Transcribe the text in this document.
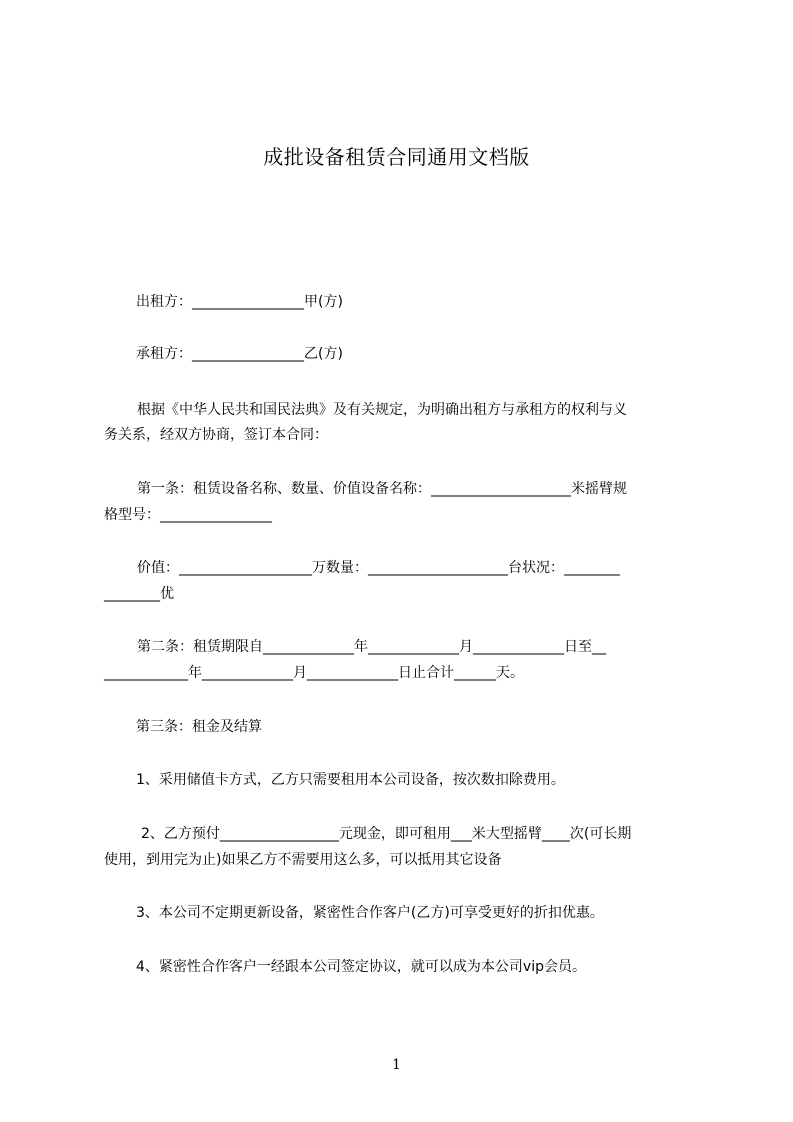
成批设备租赁合同通用文档版
出租方：________________甲(方)
承租方：________________乙(方)
根据《中华人民共和国民法典》及有关规定，为明确出租方与承租方的权利与义
务关系，经双方协商，签订本合同：
第一条：租赁设备名称、数量、价值设备名称：____________________米摇臂规
格型号：________________
价值：___________________万数量：____________________台状况：________
________优
第二条：租赁期限自_____________年_____________月_____________日至__
____________年_____________月_____________日止合计______天。
第三条：租金及结算
1、采用储值卡方式，乙方只需要租用本公司设备，按次数扣除费用。
2、乙方预付_________________元现金，即可租用___米大型摇臂____次(可长期
使用，到用完为止)如果乙方不需要用这么多，可以抵用其它设备
3、本公司不定期更新设备，紧密性合作客户(乙方)可享受更好的折扣优惠。
4、紧密性合作客户一经跟本公司签定协议，就可以成为本公司vip会员。
1
